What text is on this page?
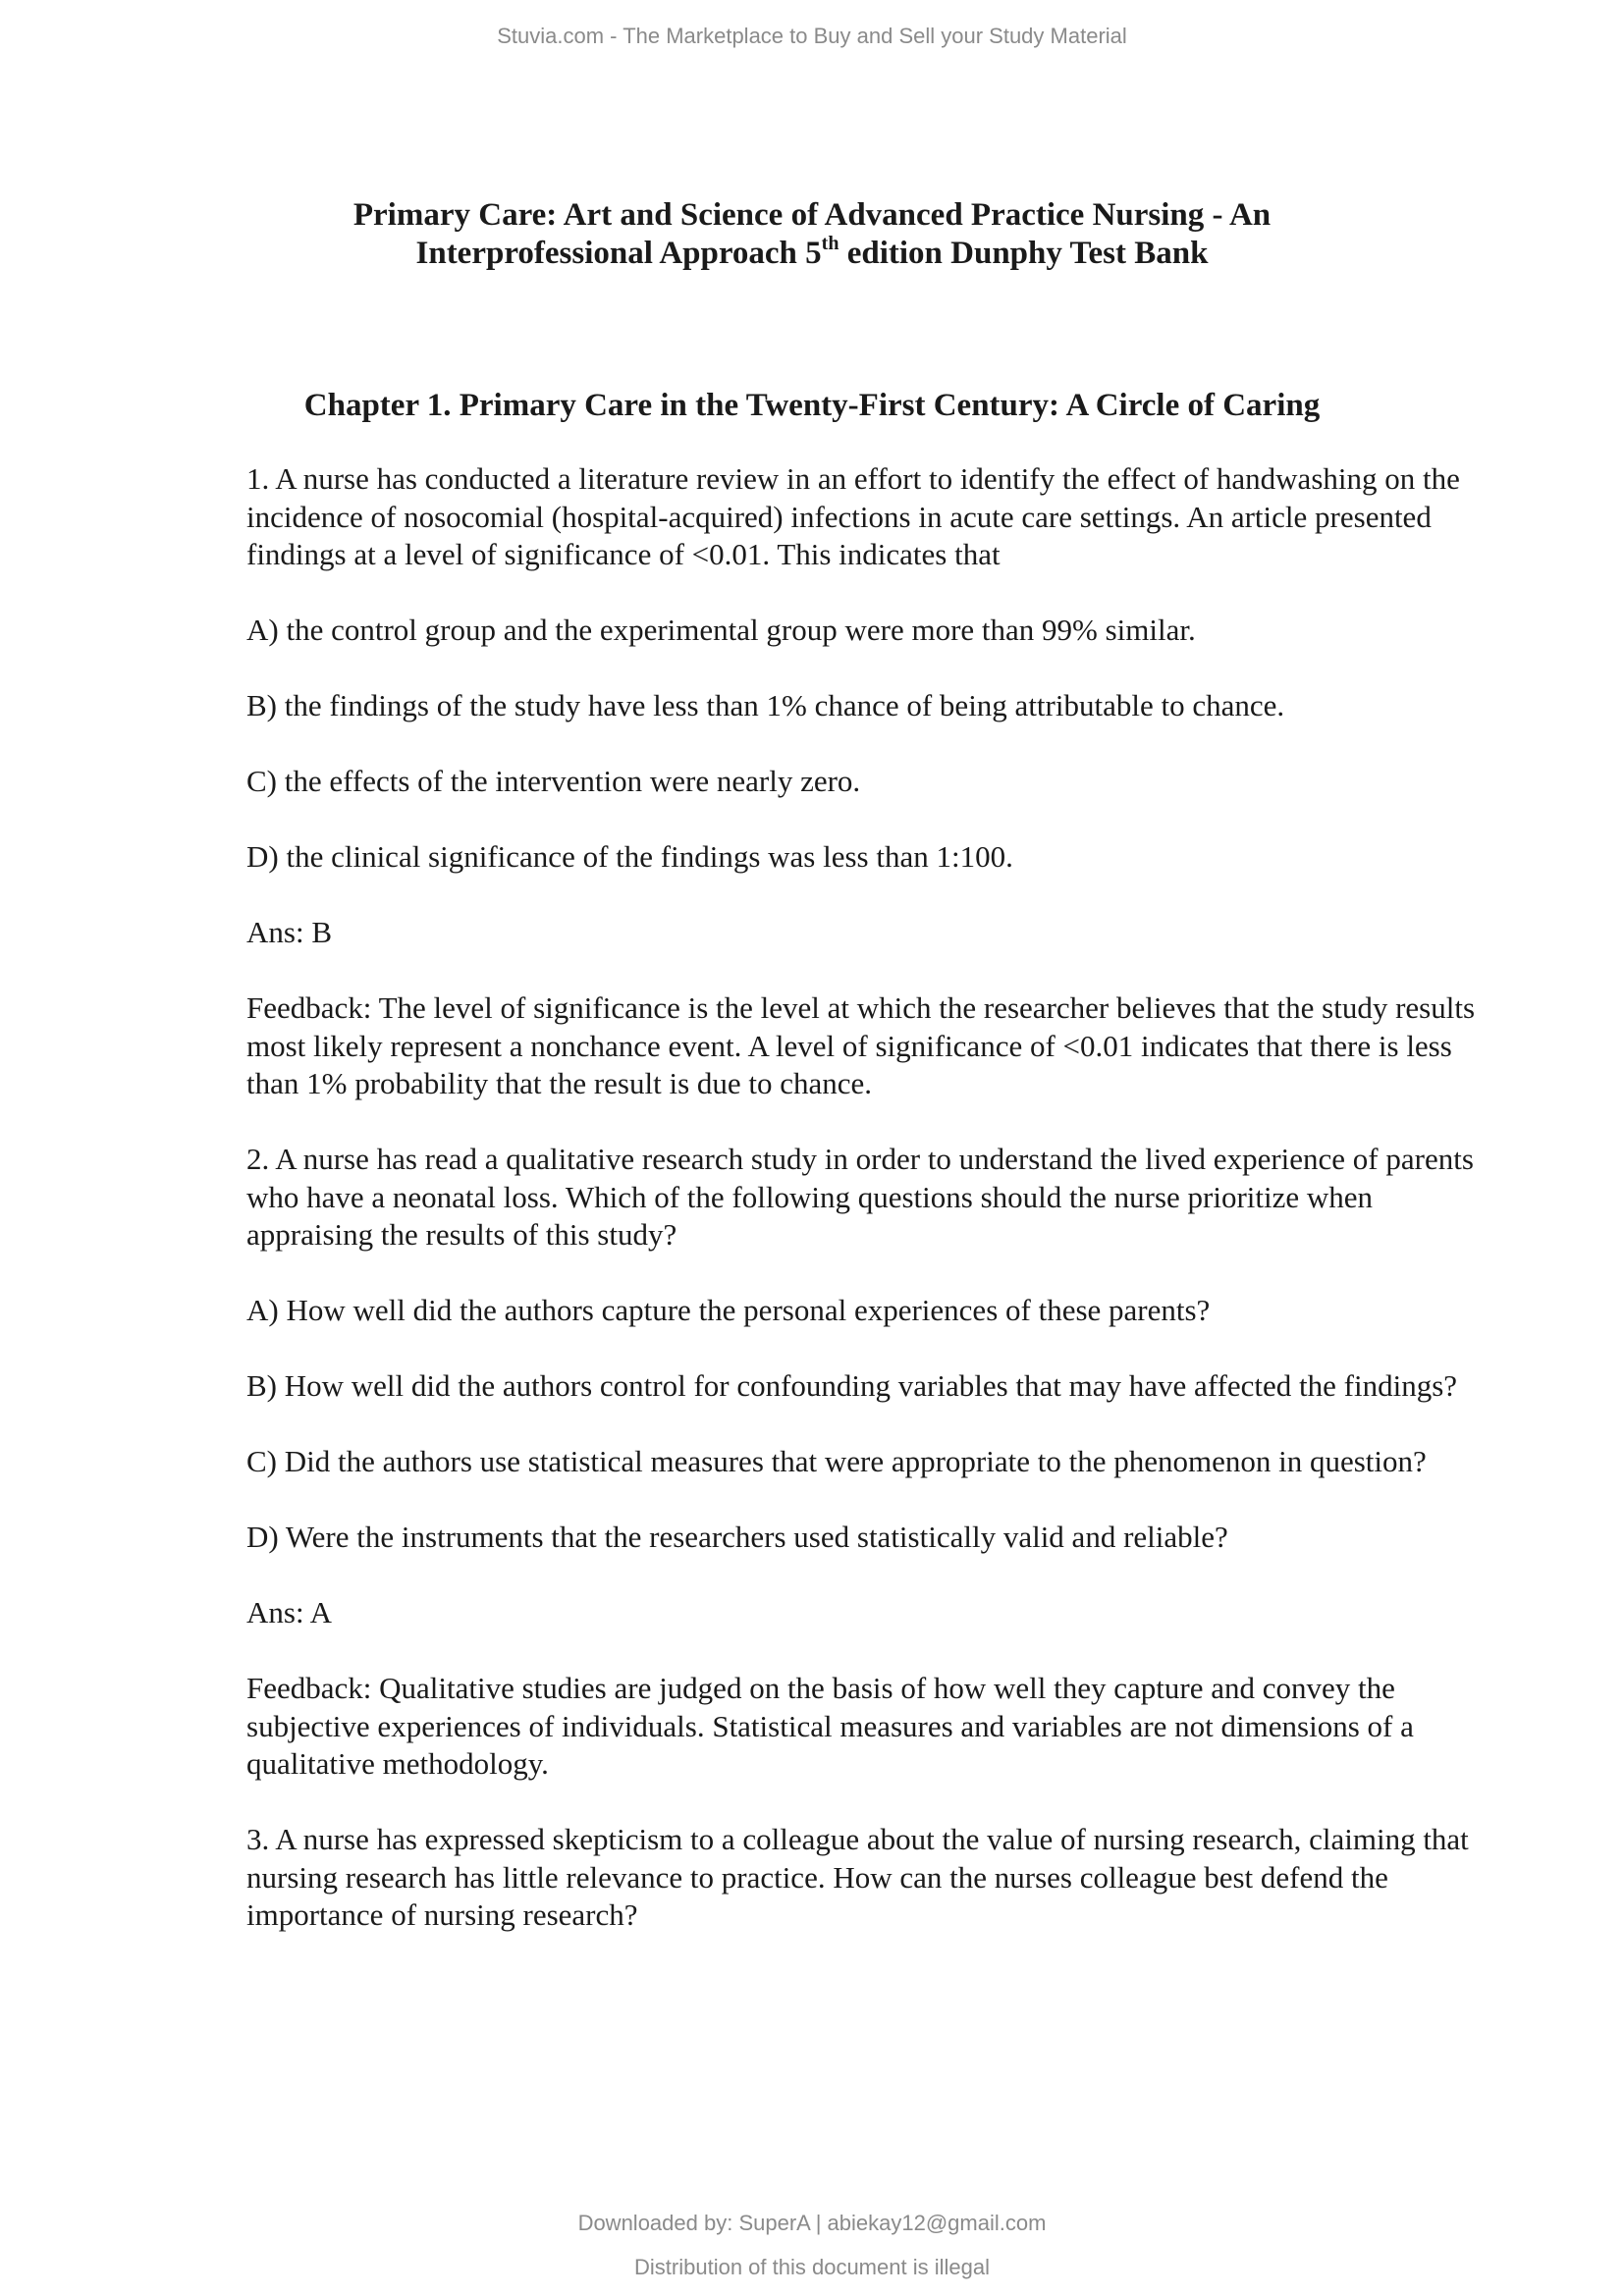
Stuvia.com - The Marketplace to Buy and Sell your Study Material
Primary Care: Art and Science of Advanced Practice Nursing - An
Interprofessional Approach 5th edition Dunphy Test Bank
Chapter 1. Primary Care in the Twenty-First Century: A Circle of Caring

1. A nurse has conducted a literature review in an effort to identify the effect of handwashing on the
incidence of nosocomial (hospital-acquired) infections in acute care settings. An article presented
findings at a level of significance of <0.01. This indicates that

A) the control group and the experimental group were more than 99% similar.

B) the findings of the study have less than 1% chance of being attributable to chance.

C) the effects of the intervention were nearly zero.

D) the clinical significance of the findings was less than 1:100.

Ans: B

Feedback: The level of significance is the level at which the researcher believes that the study results
most likely represent a nonchance event. A level of significance of <0.01 indicates that there is less
than 1% probability that the result is due to chance.

2. A nurse has read a qualitative research study in order to understand the lived experience of parents
who have a neonatal loss. Which of the following questions should the nurse prioritize when
appraising the results of this study?

A) How well did the authors capture the personal experiences of these parents?

B) How well did the authors control for confounding variables that may have affected the findings?

C) Did the authors use statistical measures that were appropriate to the phenomenon in question?

D) Were the instruments that the researchers used statistically valid and reliable?

Ans: A

Feedback: Qualitative studies are judged on the basis of how well they capture and convey the
subjective experiences of individuals. Statistical measures and variables are not dimensions of a
qualitative methodology.

3. A nurse has expressed skepticism to a colleague about the value of nursing research, claiming that
nursing research has little relevance to practice. How can the nurses colleague best defend the
importance of nursing research?

Downloaded by: SuperA | abiekay12@gmail.com
Distribution of this document is illegal
